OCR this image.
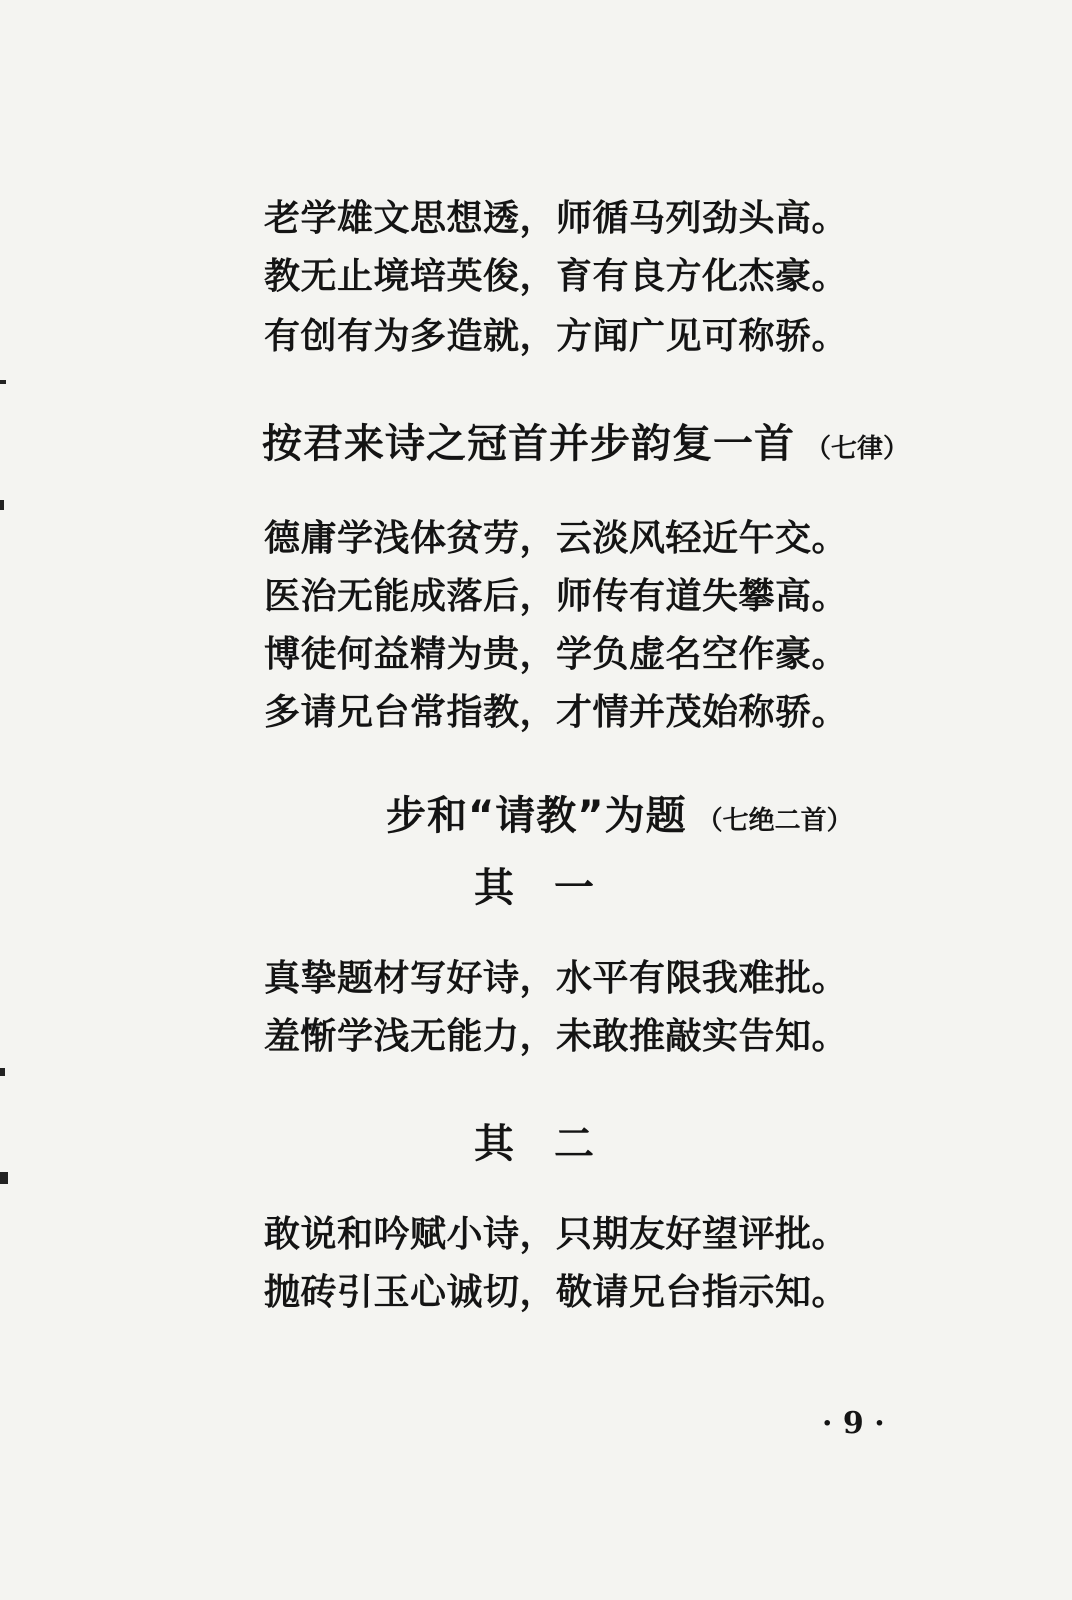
老学雄文思想透，师循马列劲头高。
教无止境培英俊，育有良方化杰豪。
有创有为多造就，方闻广见可称骄。
按君来诗之冠首并步韵复一首 （七律）
德庸学浅体贫劳，云淡风轻近午交。
医治无能成落后，师传有道失攀高。
博徒何益精为贵，学负虚名空作豪。
多请兄台常指教，才情并茂始称骄。
步和“请教”为题 （七绝二首）
其　一
真挚题材写好诗，水平有限我难批。
羞惭学浅无能力，未敢推敲实告知。
其　二
敢说和吟赋小诗，只期友好望评批。
抛砖引玉心诚切，敬请兄台指示知。
· 9 ·
